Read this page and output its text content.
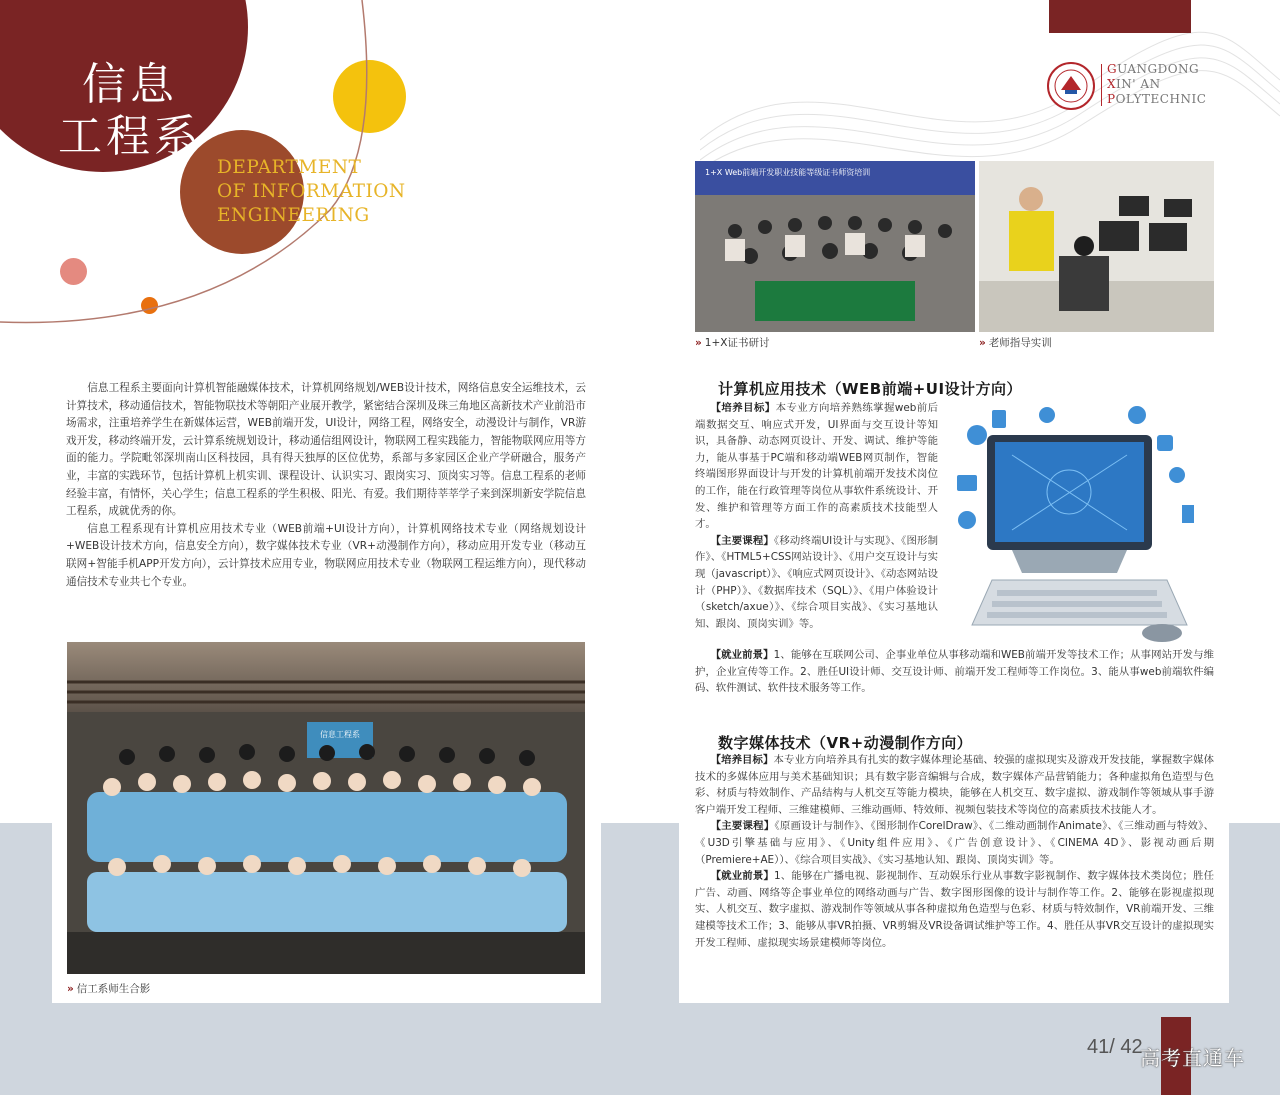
信息
工程系
DEPARTMENT
OF INFORMATION
ENGINEERING
GUANGDONG
XIN' AN
POLYTECHNIC

信息工程系主要面向计算机智能融媒体技术，计算机网络规划/WEB设计技术，网络信息安全运维技术，云计算技术，移动通信技术，智能物联技术等朝阳产业展开教学，紧密结合深圳及珠三角地区高新技术产业前沿市场需求，注重培养学生在新媒体运营，WEB前端开发，UI设计，网络工程，网络安全，动漫设计与制作，VR游戏开发，移动终端开发，云计算系统规划设计，移动通信组网设计，物联网工程实践能力，智能物联网应用等方面的能力。学院毗邻深圳南山区科技园，具有得天独厚的区位优势，系部与多家园区企业产学研融合，服务产业，丰富的实践环节，包括计算机上机实训、课程设计、认识实习、跟岗实习、顶岗实习等。信息工程系的老师经验丰富，有情怀，关心学生；信息工程系的学生积极、阳光、有爱。我们期待莘莘学子来到深圳新安学院信息工程系，成就优秀的你。

信息工程系现有计算机应用技术专业（WEB前端+UI设计方向），计算机网络技术专业（网络规划设计+WEB设计技术方向，信息安全方向），数字媒体技术专业（VR+动漫制作方向），移动应用开发专业（移动互联网+智能手机APP开发方向），云计算技术应用专业，物联网应用技术专业（物联网工程运维方向），现代移动通信技术专业共七个专业。

信息工程系
» 信工系师生合影
1+X Web前端开发职业技能等级证书师资培训
» 1+X证书研讨	» 老师指导实训
计算机应用技术（WEB前端+UI设计方向）

【培养目标】本专业方向培养熟练掌握web前后端数据交互、响应式开发，UI界面与交互设计等知识，具备静、动态网页设计、开发、调试、维护等能力，能从事基于PC端和移动端WEB网页制作，智能终端图形界面设计与开发的计算机前端开发技术岗位的工作，能在行政管理等岗位从事软件系统设计、开发、维护和管理等方面工作的高素质技术技能型人才。

【主要课程】《移动终端UI设计与实现》、《图形制作》、《HTML5+CSS网站设计》、《用户交互设计与实现（javascript）》、《响应式网页设计》、《动态网站设计（PHP）》、《数据库技术（SQL）》、《用户体验设计（sketch/axue）》、《综合项目实战》、《实习基地认知、跟岗、顶岗实训》等。

【就业前景】1、能够在互联网公司、企事业单位从事移动端和WEB前端开发等技术工作；从事网站开发与维护，企业宣传等工作。2、胜任UI设计师、交互设计师、前端开发工程师等工作岗位。3、能从事web前端软件编码、软件测试、软件技术服务等工作。

数字媒体技术（VR+动漫制作方向）

【培养目标】本专业方向培养具有扎实的数字媒体理论基础、较强的虚拟现实及游戏开发技能，掌握数字媒体技术的多媒体应用与美术基础知识；具有数字影音编辑与合成，数字媒体产品营销能力；各种虚拟角色造型与色彩、材质与特效制作、产品结构与人机交互等能力模块，能够在人机交互、数字虚拟、游戏制作等领域从事手游客户端开发工程师、三维建模师、三维动画师、特效师、视频包装技术等岗位的高素质技术技能人才。

【主要课程】《原画设计与制作》、《图形制作CorelDraw》、《二维动画制作Animate》、《三维动画与特效》、《U3D引擎基础与应用》、《Unity组件应用》、《广告创意设计》、《CINEMA 4D》、影视动画后期（Premiere+AE））、《综合项目实战》、《实习基地认知、跟岗、顶岗实训》等。

【就业前景】1、能够在广播电视、影视制作、互动娱乐行业从事数字影视制作、数字媒体技术类岗位；胜任广告、动画、网络等企事业单位的网络动画与广告、数字图形图像的设计与制作等工作。2、能够在影视虚拟现实、人机交互、数字虚拟、游戏制作等领域从事各种虚拟角色造型与色彩、材质与特效制作，VR前端开发、三维建模等技术工作；3、能够从事VR拍摄、VR剪辑及VR设备调试维护等工作。4、胜任从事VR交互设计的虚拟现实开发工程师、虚拟现实场景建模师等岗位。

41/ 42
高考直通车
